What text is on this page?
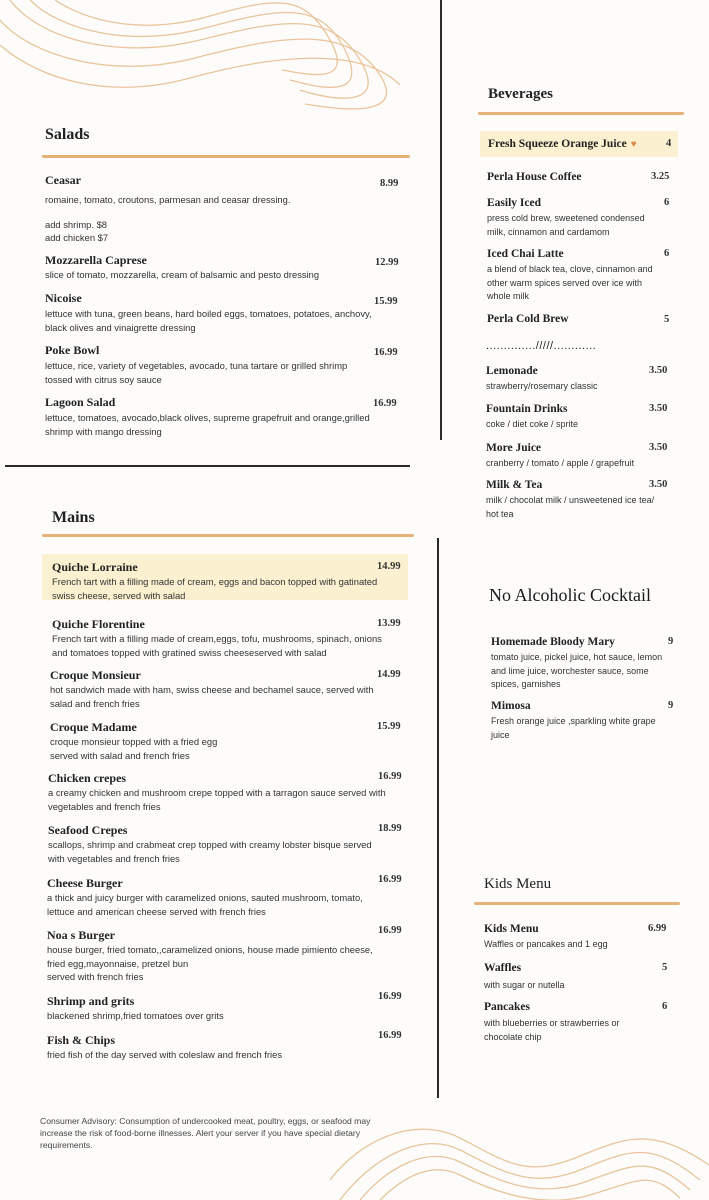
Salads
Ceasar	8.99
romaine, tomato, croutons, parmesan and ceasar dressing.
add shrimp. $8
add chicken $7
Mozzarella Caprese	12.99
slice of tomato, mozzarella, cream of balsamic and pesto dressing
Nicoise	15.99
lettuce with tuna, green beans, hard boiled eggs, tomatoes, potatoes, anchovy,
black olives and vinaigrette dressing
Poke Bowl	16.99
lettuce, rice, variety of vegetables, avocado, tuna tartare or grilled shrimp
tossed with citrus soy sauce
Lagoon Salad	16.99
lettuce, tomatoes, avocado,black olives, supreme grapefruit and orange,grilled
shrimp with mango dressing
Mains
Quiche Lorraine	14.99
French tart with a filling made of cream, eggs and bacon topped with gatinated
swiss cheese, served with salad
Quiche Florentine	13.99
French tart with a filling made of cream,eggs, tofu, mushrooms, spinach, onions
and tomatoes topped with gratined swiss cheeseserved with salad
Croque Monsieur	14.99
hot sandwich made with ham, swiss cheese and bechamel sauce, served with
salad and french fries
Croque Madame	15.99
croque monsieur topped with a fried egg
served with salad and french fries
Chicken crepes	16.99
a creamy chicken and mushroom crepe topped with a tarragon sauce served with
vegetables and french fries
Seafood Crepes	18.99
scallops, shrimp and crabmeat crep topped with creamy lobster bisque served
with vegetables and french fries
Cheese Burger	16.99
a thick and juicy burger with caramelized onions, sauted mushroom, tomato,
lettuce and american cheese served with french fries
Noa s Burger	16.99
house burger, fried tomato,,caramelized onions, house made pimiento cheese,
fried egg,mayonnaise, pretzel bun
served with french fries
Shrimp and grits	16.99
blackened shrimp,fried tomatoes over grits
Fish & Chips	16.99
fried fish of the day served with coleslaw and french fries
Consumer Advisory: Consumption of undercooked meat, poultry, eggs, or seafood may
increase the risk of food-borne illnesses. Alert your server if you have special dietary
requirements.
Beverages
Fresh Squeeze Orange Juice ♥	4
Perla House Coffee	3.25
Easily Iced	6
press cold brew, sweetened condensed
milk, cinnamon and cardamom
Iced Chai Latte	6
a blend of black tea, clove, cinnamon and
other warm spices served over ice with
whole milk
Perla Cold Brew	5
............../////............
Lemonade	3.50
strawberry/rosemary classic
Fountain Drinks	3.50
coke / diet coke / sprite
More Juice	3.50
cranberry / tomato / apple / grapefruit
Milk & Tea	3.50
milk / chocolat milk / unsweetened ice tea/
hot tea
No Alcoholic Cocktail
Homemade Bloody Mary	9
tomato juice, pickel juice, hot sauce, lemon
and lime juice, worchester sauce, some
spices, garnishes
Mimosa	9
Fresh orange juice ,sparkling white grape
juice
Kids Menu
Kids Menu	6.99
Waffles or pancakes and 1 egg
Waffles	5
with sugar or nutella
Pancakes	6
with blueberries or strawberries or
chocolate chip
